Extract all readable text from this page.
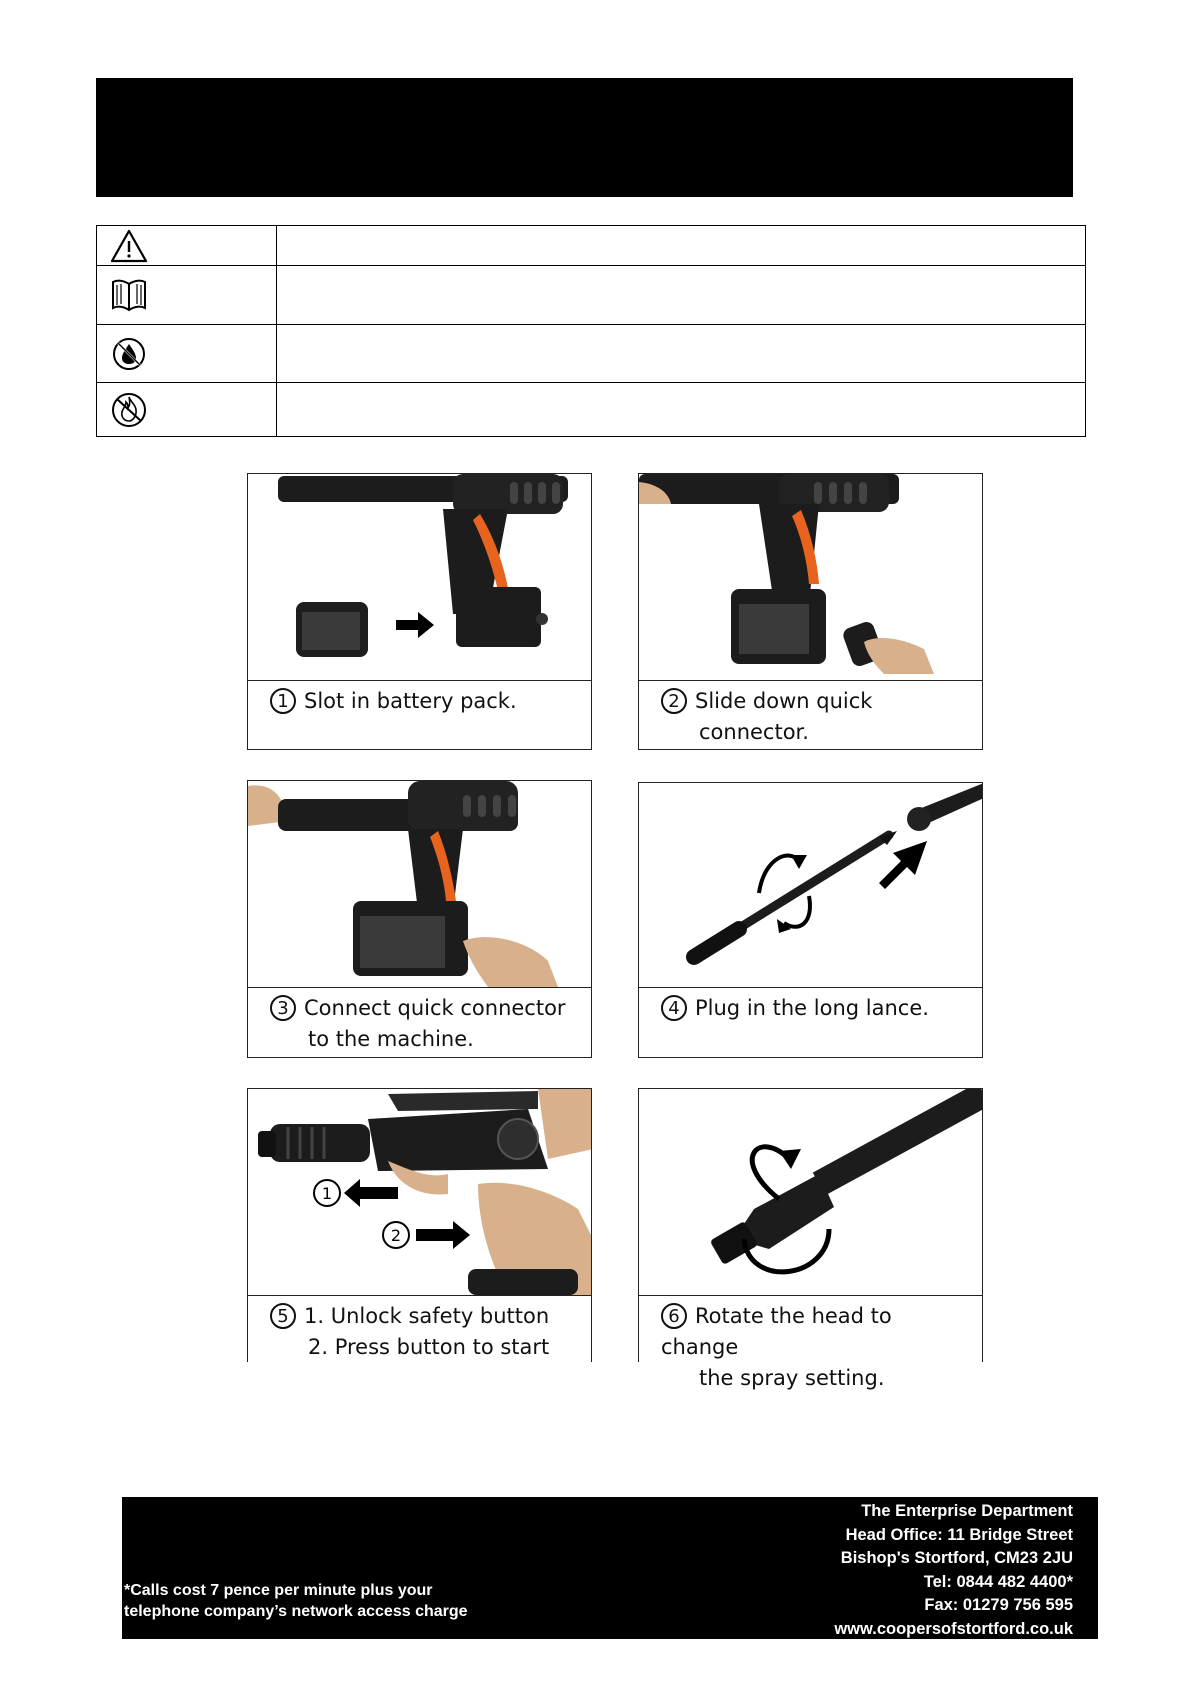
1 Slot in battery pack.	2 Slide down quick
connector.
3 Connect quick connector
to the machine.
4 Plug in the long lance.
1
2
5 1. Unlock safety button
2. Press button to start
6 Rotate the head to change
the spray setting.
*Calls cost 7 pence per minute plus your
telephone company’s network access charge
The Enterprise Department
Head Office: 11 Bridge Street
Bishop's Stortford, CM23 2JU
Tel: 0844 482 4400*
Fax: 01279 756 595
www.coopersofstortford.co.uk
